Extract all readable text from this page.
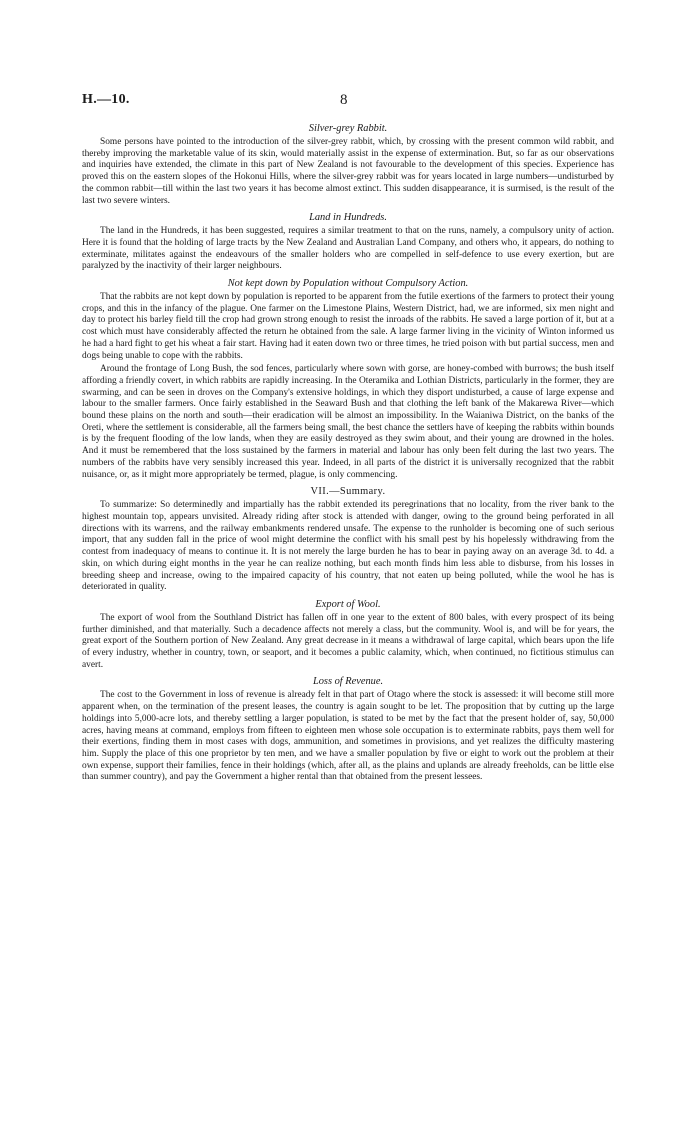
H.—10.	8
Silver-grey Rabbit.

Some persons have pointed to the introduction of the silver-grey rabbit, which, by crossing with the present common wild rabbit, and thereby improving the marketable value of its skin, would materially assist in the expense of extermination. But, so far as our observations and inquiries have extended, the climate in this part of New Zealand is not favourable to the development of this species. Experience has proved this on the eastern slopes of the Hokonui Hills, where the silver-grey rabbit was for years located in large numbers—undisturbed by the common rabbit—till within the last two years it has become almost extinct. This sudden disappearance, it is surmised, is the result of the last two severe winters.

Land in Hundreds.

The land in the Hundreds, it has been suggested, requires a similar treatment to that on the runs, namely, a compulsory unity of action. Here it is found that the holding of large tracts by the New Zealand and Australian Land Company, and others who, it appears, do nothing to exterminate, militates against the endeavours of the smaller holders who are compelled in self-defence to use every exertion, but are paralyzed by the inactivity of their larger neighbours.

Not kept down by Population without Compulsory Action.

That the rabbits are not kept down by population is reported to be apparent from the futile exertions of the farmers to protect their young crops, and this in the infancy of the plague. One farmer on the Limestone Plains, Western District, had, we are informed, six men night and day to protect his barley field till the crop had grown strong enough to resist the inroads of the rabbits. He saved a large portion of it, but at a cost which must have considerably affected the return he obtained from the sale. A large farmer living in the vicinity of Winton informed us he had a hard fight to get his wheat a fair start. Having had it eaten down two or three times, he tried poison with but partial success, men and dogs being unable to cope with the rabbits.

Around the frontage of Long Bush, the sod fences, particularly where sown with gorse, are honey-combed with burrows; the bush itself affording a friendly covert, in which rabbits are rapidly increasing. In the Oteramika and Lothian Districts, particularly in the former, they are swarming, and can be seen in droves on the Company's extensive holdings, in which they disport undisturbed, a cause of large expense and labour to the smaller farmers. Once fairly established in the Seaward Bush and that clothing the left bank of the Makarewa River—which bound these plains on the north and south—their eradication will be almost an impossibility. In the Waianiwa District, on the banks of the Oreti, where the settlement is considerable, all the farmers being small, the best chance the settlers have of keeping the rabbits within bounds is by the frequent flooding of the low lands, when they are easily destroyed as they swim about, and their young are drowned in the holes. And it must be remembered that the loss sustained by the farmers in material and labour has only been felt during the last two years. The numbers of the rabbits have very sensibly increased this year. Indeed, in all parts of the district it is universally recognized that the rabbit nuisance, or, as it might more appropriately be termed, plague, is only commencing.

VII.—Summary.

To summarize: So determinedly and impartially has the rabbit extended its peregrinations that no locality, from the river bank to the highest mountain top, appears unvisited. Already riding after stock is attended with danger, owing to the ground being perforated in all directions with its warrens, and the railway embankments rendered unsafe. The expense to the runholder is becoming one of such serious import, that any sudden fall in the price of wool might determine the conflict with his small pest by his hopelessly withdrawing from the contest from inadequacy of means to continue it. It is not merely the large burden he has to bear in paying away on an average 3d. to 4d. a skin, on which during eight months in the year he can realize nothing, but each month finds him less able to disburse, from his losses in breeding sheep and increase, owing to the impaired capacity of his country, that not eaten up being polluted, while the wool he has is deteriorated in quality.

Export of Wool.

The export of wool from the Southland District has fallen off in one year to the extent of 800 bales, with every prospect of its being further diminished, and that materially. Such a decadence affects not merely a class, but the community. Wool is, and will be for years, the great export of the Southern portion of New Zealand. Any great decrease in it means a withdrawal of large capital, which bears upon the life of every industry, whether in country, town, or seaport, and it becomes a public calamity, which, when continued, no fictitious stimulus can avert.

Loss of Revenue.

The cost to the Government in loss of revenue is already felt in that part of Otago where the stock is assessed: it will become still more apparent when, on the termination of the present leases, the country is again sought to be let. The proposition that by cutting up the large holdings into 5,000-acre lots, and thereby settling a larger population, is stated to be met by the fact that the present holder of, say, 50,000 acres, having means at command, employs from fifteen to eighteen men whose sole occupation is to exterminate rabbits, pays them well for their exertions, finding them in most cases with dogs, ammunition, and sometimes in provisions, and yet realizes the difficulty mastering him. Supply the place of this one proprietor by ten men, and we have a smaller population by five or eight to work out the problem at their own expense, support their families, fence in their holdings (which, after all, as the plains and uplands are already freeholds, can be little else than summer country), and pay the Government a higher rental than that obtained from the present lessees.
